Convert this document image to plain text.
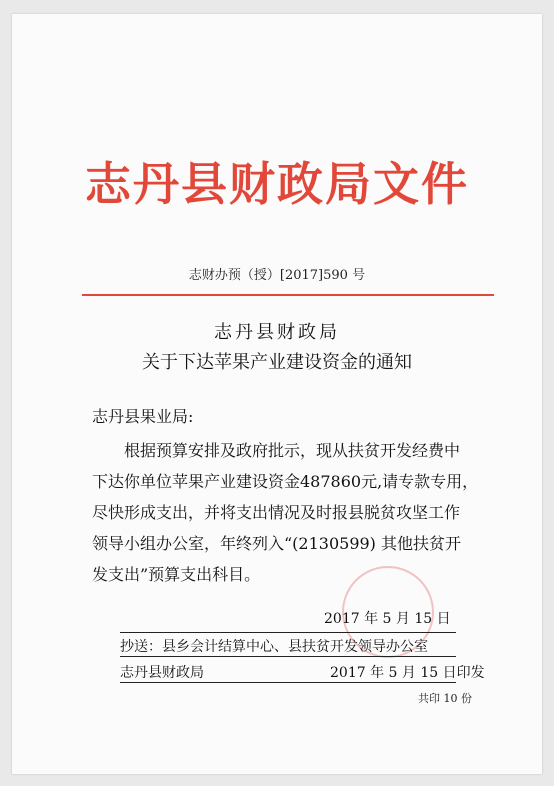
志丹县财政局文件
志财办预（授）[2017]590 号
志丹县财政局
关于下达苹果产业建设资金的通知
志丹县果业局:
根据预算安排及政府批示，现从扶贫开发经费中
下达你单位苹果产业建设资金487860元,请专款专用，
尽快形成支出，并将支出情况及时报县脱贫攻坚工作
领导小组办公室，年终列入“(2130599) 其他扶贫开
发支出”预算支出科目。
2017 年 5 月 15 日
抄送：县乡会计结算中心、县扶贫开发领导办公室
志丹县财政局	2017 年 5 月 15 日印发
共印 10 份
